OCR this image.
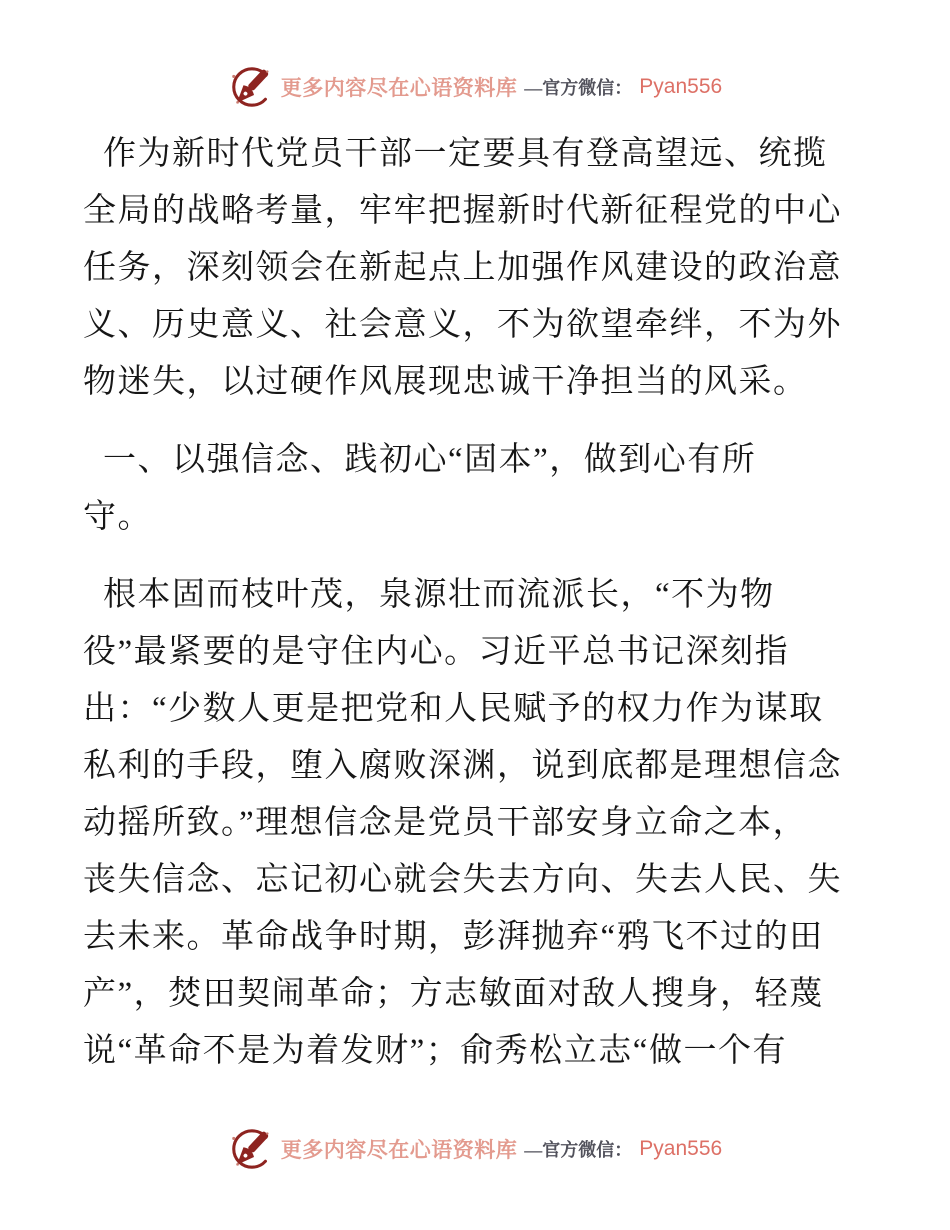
更多内容尽在心语资料库 —官方微信： Pyan556
作为新时代党员干部一定要具有登高望远、统揽
全局的战略考量，牢牢把握新时代新征程党的中心
任务，深刻领会在新起点上加强作风建设的政治意
义、历史意义、社会意义，不为欲望牵绊，不为外
物迷失，以过硬作风展现忠诚干净担当的风采。
一、以强信念、践初心“固本”，做到心有所
守。
根本固而枝叶茂，泉源壮而流派长，“不为物
役”最紧要的是守住内心。习近平总书记深刻指
出：“少数人更是把党和人民赋予的权力作为谋取
私利的手段，堕入腐败深渊，说到底都是理想信念
动摇所致。”理想信念是党员干部安身立命之本，
丧失信念、忘记初心就会失去方向、失去人民、失
去未来。革命战争时期，彭湃抛弃“鸦飞不过的田
产”，焚田契闹革命；方志敏面对敌人搜身，轻蔑
说“革命不是为着发财”；俞秀松立志“做一个有
更多内容尽在心语资料库 —官方微信： Pyan556
